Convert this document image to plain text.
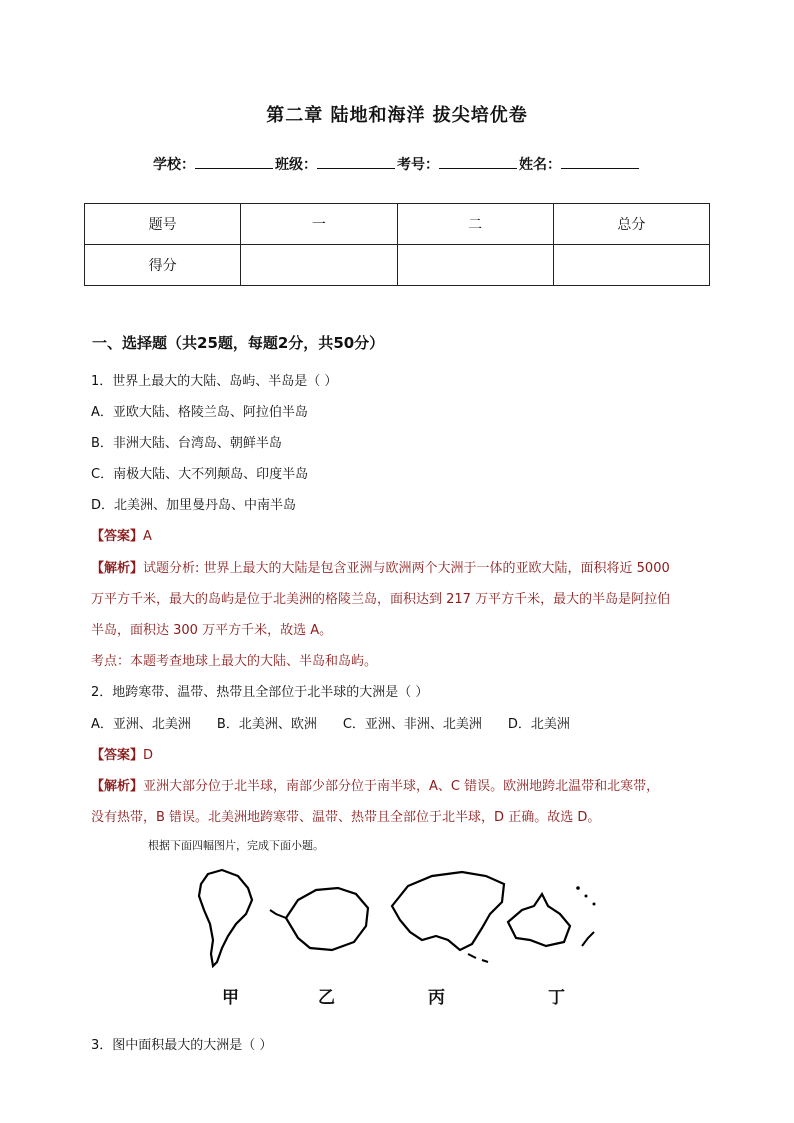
第二章 陆地和海洋 拔尖培优卷
学校：	班级：	考号：	姓名：
题号	一	二	总分
得分			
一、选择题（共25题，每题2分，共50分）
1．世界上最大的大陆、岛屿、半岛是（ ）
A．亚欧大陆、格陵兰岛、阿拉伯半岛
B．非洲大陆、台湾岛、朝鲜半岛
C．南极大陆、大不列颠岛、印度半岛
D．北美洲、加里曼丹岛、中南半岛
【答案】A
【解析】试题分析: 世界上最大的大陆是包含亚洲与欧洲两个大洲于一体的亚欧大陆，面积将近 5000
万平方千米，最大的岛屿是位于北美洲的格陵兰岛，面积达到 217 万平方千米，最大的半岛是阿拉伯
半岛，面积达 300 万平方千米，故选 A。
考点：本题考查地球上最大的大陆、半岛和岛屿。
2．地跨寒带、温带、热带且全部位于北半球的大洲是（ ）
A．亚洲、北美洲 B．北美洲、欧洲 C．亚洲、非洲、北美洲 D．北美洲
【答案】D
【解析】亚洲大部分位于北半球，南部少部分位于南半球，A、C 错误。欧洲地跨北温带和北寒带，
没有热带，B 错误。北美洲地跨寒带、温带、热带且全部位于北半球，D 正确。故选 D。
根据下面四幅图片，完成下面小题。
甲	乙	丙	丁
3．图中面积最大的大洲是（ ）
